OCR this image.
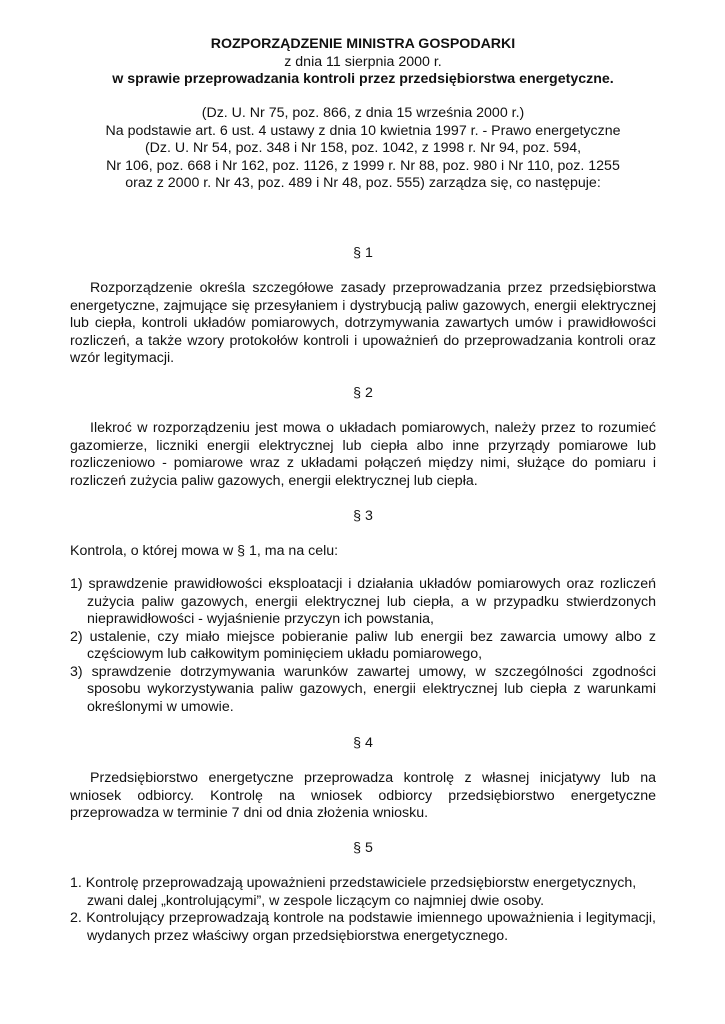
ROZPORZĄDZENIE MINISTRA GOSPODARKI

z dnia 11 sierpnia 2000 r.

w sprawie przeprowadzania kontroli przez przedsiębiorstwa energetyczne.

(Dz. U. Nr 75, poz. 866, z dnia 15 września 2000 r.)

Na podstawie art. 6 ust. 4 ustawy z dnia 10 kwietnia 1997 r. - Prawo energetyczne

(Dz. U. Nr 54, poz. 348 i Nr 158, poz. 1042, z 1998 r. Nr 94, poz. 594,

Nr 106, poz. 668 i Nr 162, poz. 1126, z 1999 r. Nr 88, poz. 980 i Nr 110, poz. 1255

oraz z 2000 r. Nr 43, poz. 489 i Nr 48, poz. 555) zarządza się, co następuje:

§ 1
Rozporządzenie określa szczegółowe zasady przeprowadzania przez przedsiębiorstwa energetyczne, zajmujące się przesyłaniem i dystrybucją paliw gazowych, energii elektrycznej lub ciepła, kontroli układów pomiarowych, dotrzymywania zawartych umów i prawidłowości rozliczeń, a także wzory protokołów kontroli i upoważnień do przeprowadzania kontroli oraz wzór legitymacji.
§ 2
Ilekroć w rozporządzeniu jest mowa o układach pomiarowych, należy przez to rozumieć gazomierze, liczniki energii elektrycznej lub ciepła albo inne przyrządy pomiarowe lub rozliczeniowo - pomiarowe wraz z układami połączeń między nimi, służące do pomiaru i rozliczeń zużycia paliw gazowych, energii elektrycznej lub ciepła.
§ 3
Kontrola, o której mowa w § 1, ma na celu:

1) sprawdzenie prawidłowości eksploatacji i działania układów pomiarowych oraz rozliczeń zużycia paliw gazowych, energii elektrycznej lub ciepła, a w przypadku stwierdzonych nieprawidłowości - wyjaśnienie przyczyn ich powstania,

2) ustalenie, czy miało miejsce pobieranie paliw lub energii bez zawarcia umowy albo z częściowym lub całkowitym pominięciem układu pomiarowego,

3) sprawdzenie dotrzymywania warunków zawartej umowy, w szczególności zgodności sposobu wykorzystywania paliw gazowych, energii elektrycznej lub ciepła z warunkami określonymi w umowie.

§ 4
Przedsiębiorstwo energetyczne przeprowadza kontrolę z własnej inicjatywy lub na wniosek odbiorcy. Kontrolę na wniosek odbiorcy przedsiębiorstwo energetyczne przeprowadza w terminie 7 dni od dnia złożenia wniosku.
§ 5

1. Kontrolę przeprowadzają upoważnieni przedstawiciele przedsiębiorstw energetycznych, zwani dalej „kontrolującymi”, w zespole liczącym co najmniej dwie osoby.

2. Kontrolujący przeprowadzają kontrole na podstawie imiennego upoważnienia i legitymacji, wydanych przez właściwy organ przedsiębiorstwa energetycznego.
